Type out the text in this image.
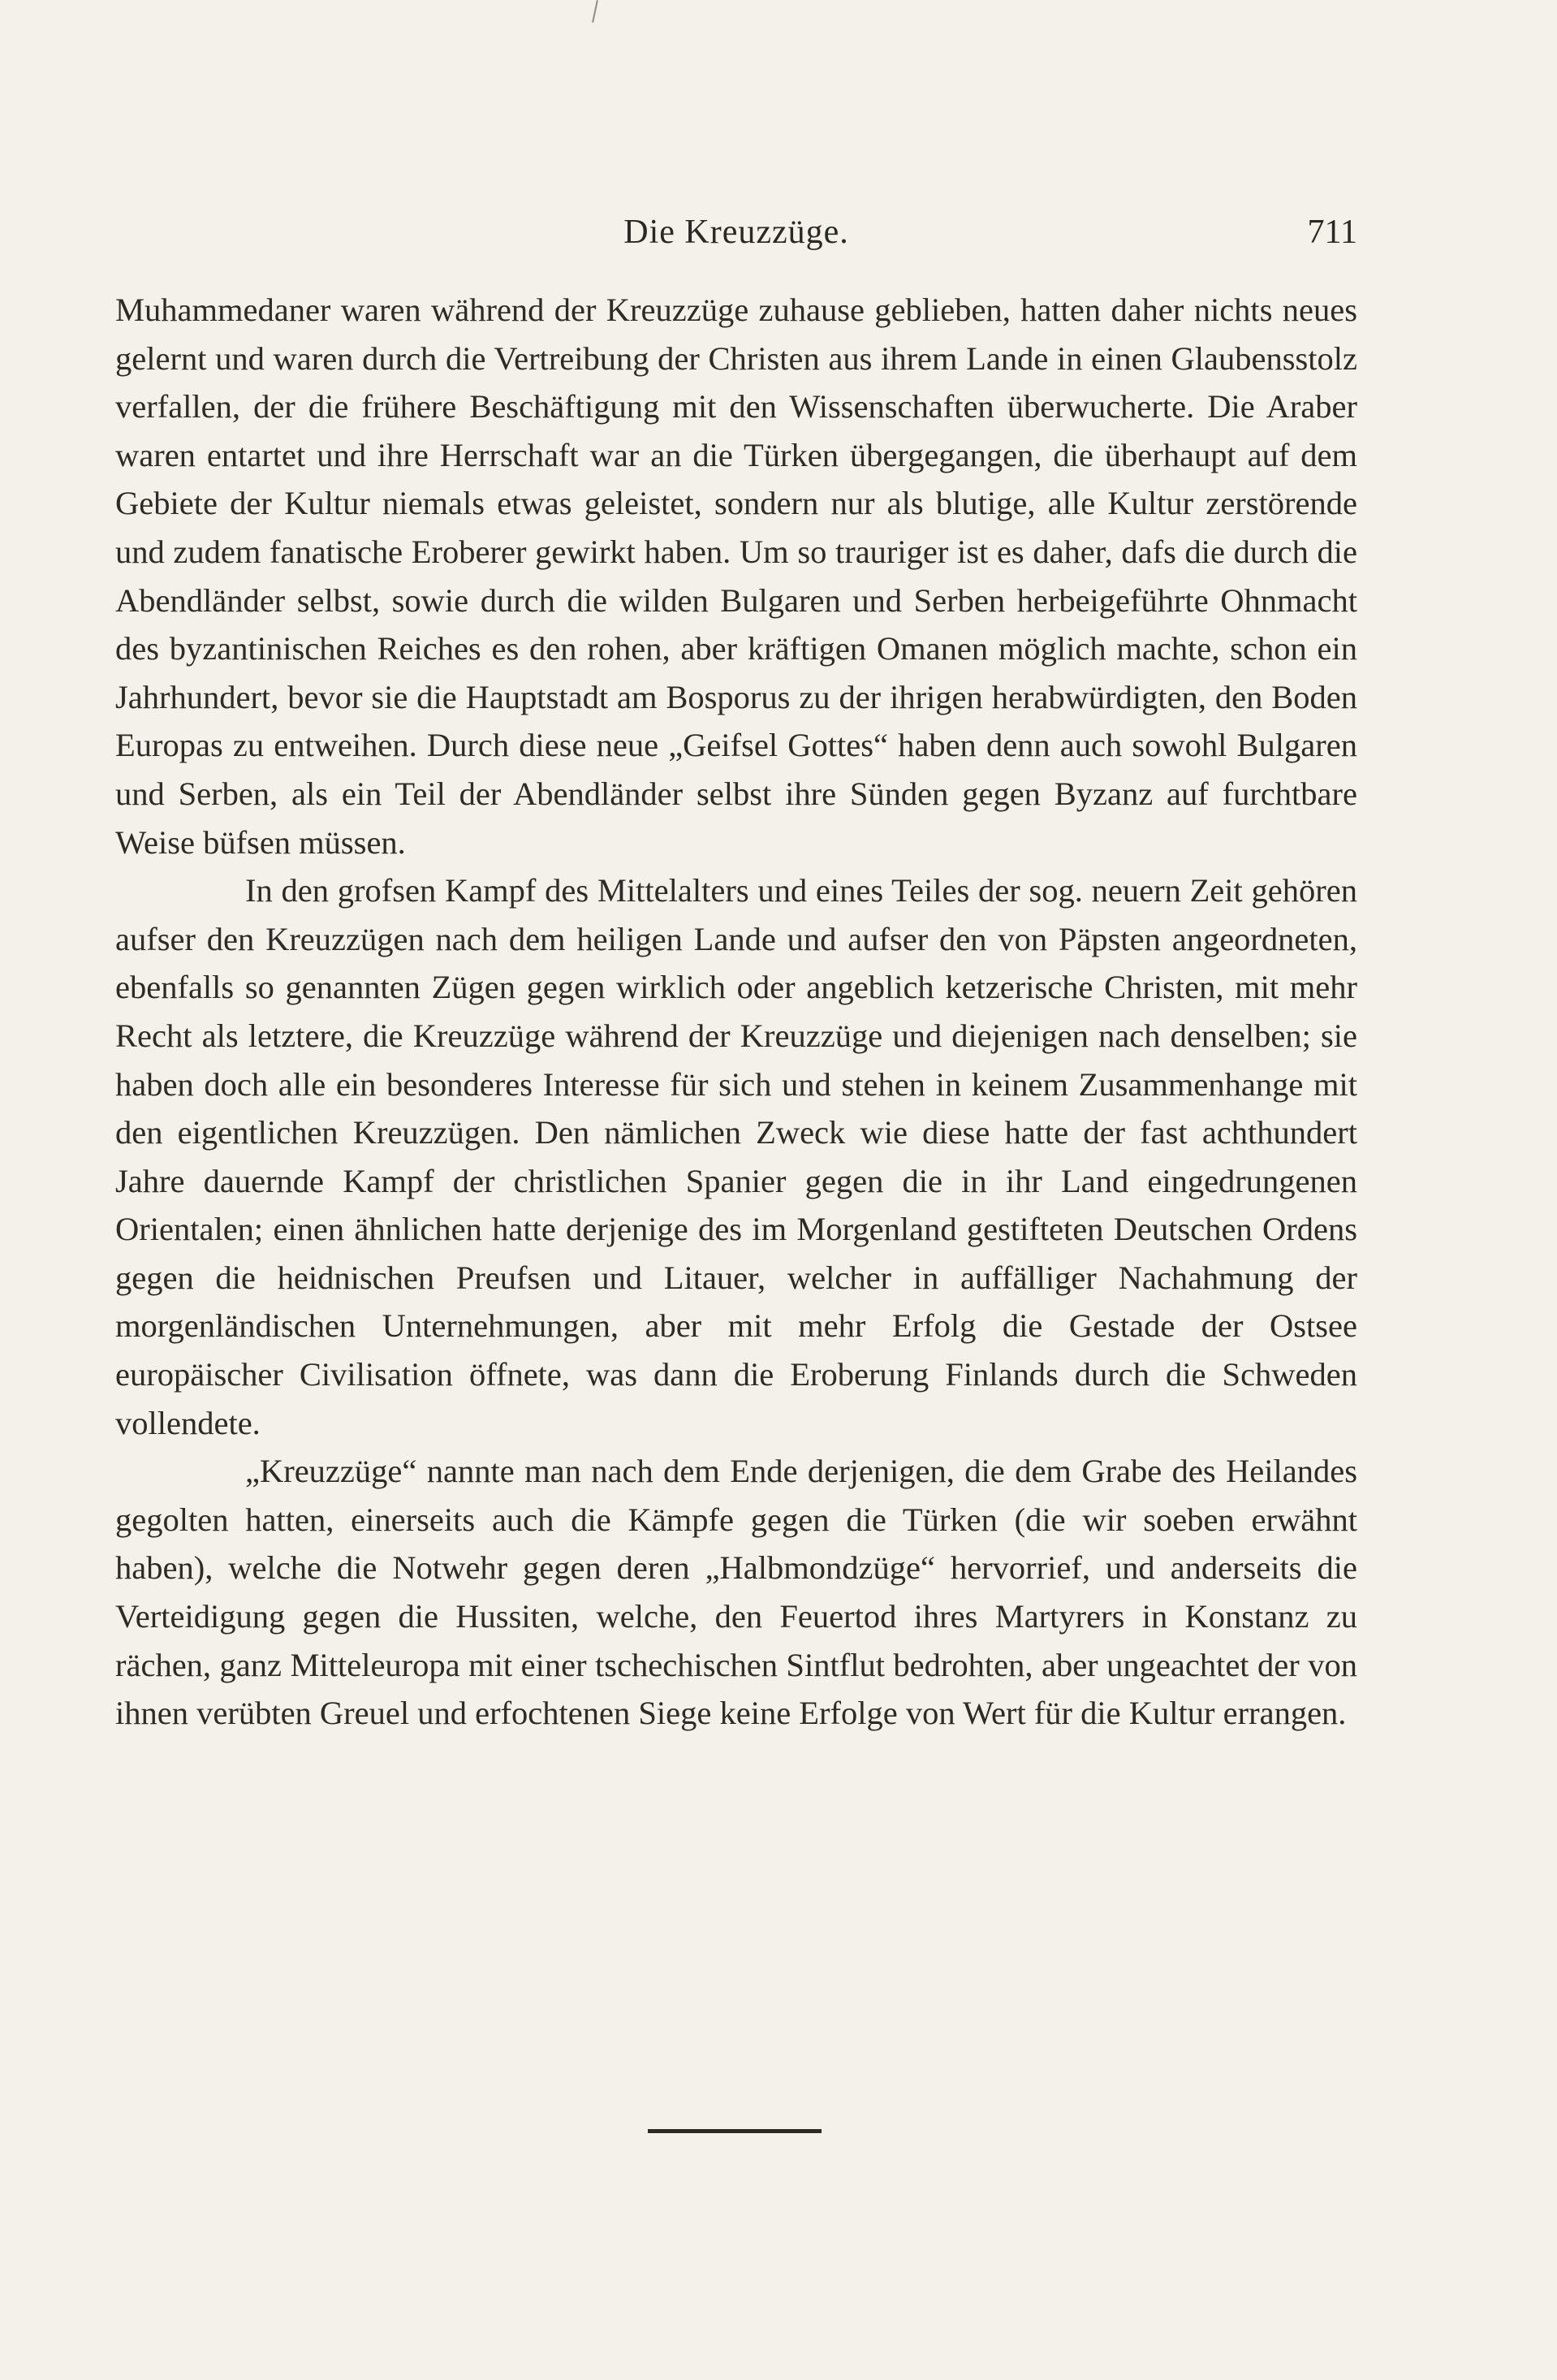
Die Kreuzzüge.	711

Muhammedaner waren während der Kreuzzüge zuhause geblieben, hatten daher nichts neues gelernt und waren durch die Vertreibung der Christen aus ihrem Lande in einen Glaubensstolz verfallen, der die frühere Beschäftigung mit den Wissenschaften überwucherte. Die Araber waren entartet und ihre Herrschaft war an die Türken übergegangen, die überhaupt auf dem Gebiete der Kultur niemals etwas geleistet, sondern nur als blutige, alle Kultur zerstörende und zudem fanatische Eroberer gewirkt haben. Um so trauriger ist es daher, dafs die durch die Abendländer selbst, sowie durch die wilden Bulgaren und Serben herbeigeführte Ohnmacht des byzantinischen Reiches es den rohen, aber kräftigen Omanen möglich machte, schon ein Jahrhundert, bevor sie die Hauptstadt am Bosporus zu der ihrigen herabwürdigten, den Boden Europas zu entweihen. Durch diese neue „Geifsel Gottes“ haben denn auch sowohl Bulgaren und Serben, als ein Teil der Abendländer selbst ihre Sünden gegen Byzanz auf furchtbare Weise büfsen müssen.

In den grofsen Kampf des Mittelalters und eines Teiles der sog. neuern Zeit gehören aufser den Kreuzzügen nach dem heiligen Lande und aufser den von Päpsten angeordneten, ebenfalls so genannten Zügen gegen wirklich oder angeblich ketzerische Christen, mit mehr Recht als letztere, die Kreuzzüge während der Kreuzzüge und diejenigen nach denselben; sie haben doch alle ein besonderes Interesse für sich und stehen in keinem Zusammenhange mit den eigentlichen Kreuzzügen. Den nämlichen Zweck wie diese hatte der fast achthundert Jahre dauernde Kampf der christlichen Spanier gegen die in ihr Land eingedrungenen Orientalen; einen ähnlichen hatte derjenige des im Morgenland gestifteten Deutschen Ordens gegen die heidnischen Preufsen und Litauer, welcher in auffälliger Nachahmung der morgenländischen Unternehmungen, aber mit mehr Erfolg die Gestade der Ostsee europäischer Civilisation öffnete, was dann die Eroberung Finlands durch die Schweden vollendete.

„Kreuzzüge“ nannte man nach dem Ende derjenigen, die dem Grabe des Heilandes gegolten hatten, einerseits auch die Kämpfe gegen die Türken (die wir soeben erwähnt haben), welche die Notwehr gegen deren „Halbmondzüge“ hervorrief, und anderseits die Verteidigung gegen die Hussiten, welche, den Feuertod ihres Martyrers in Konstanz zu rächen, ganz Mitteleuropa mit einer tschechischen Sintflut bedrohten, aber ungeachtet der von ihnen verübten Greuel und erfochtenen Siege keine Erfolge von Wert für die Kultur errangen.
